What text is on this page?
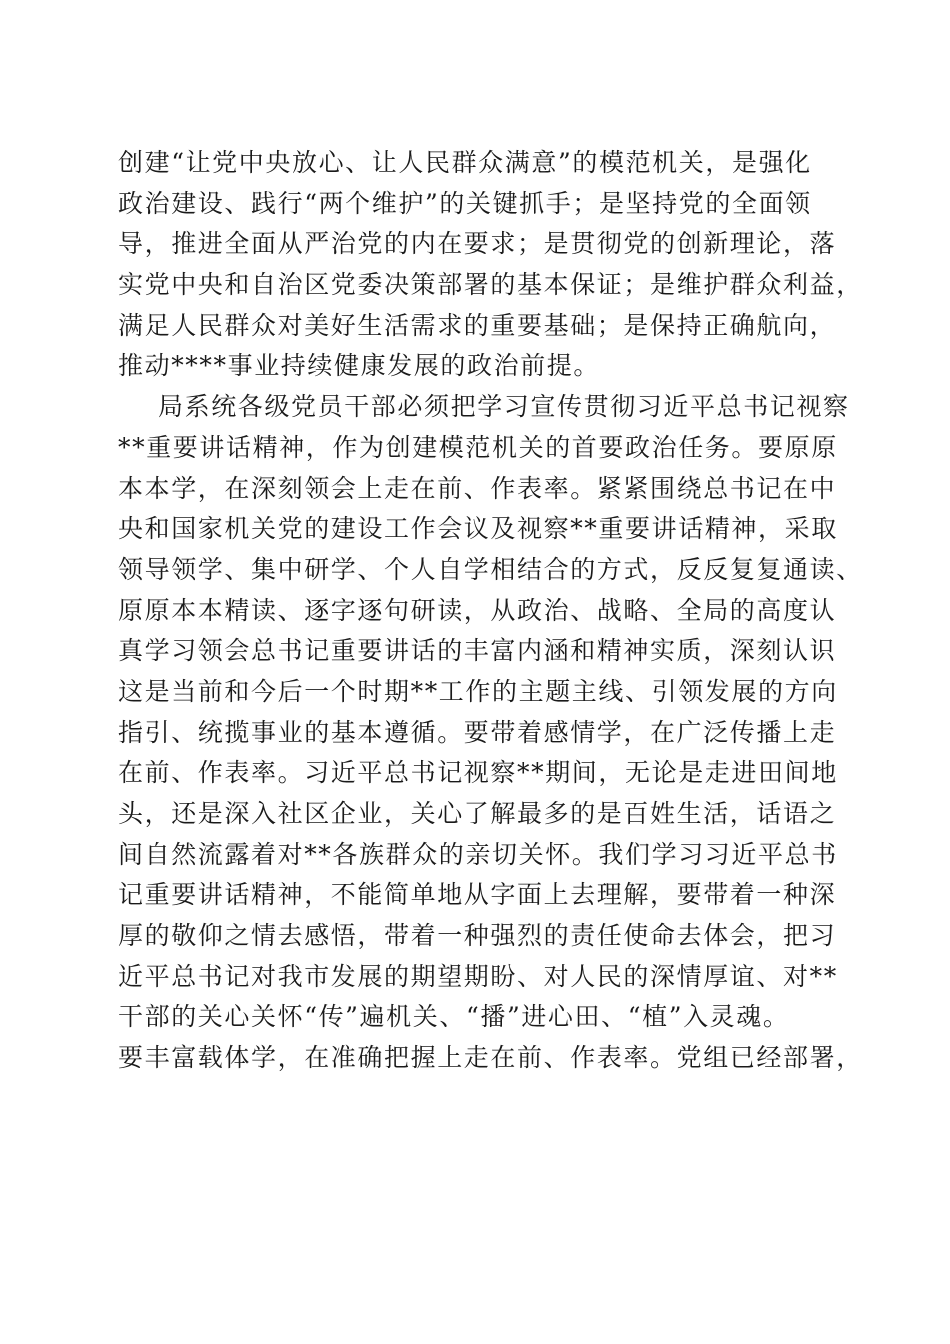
创建“让党中央放心、让人民群众满意”的模范机关，是强化
政治建设、践行“两个维护”的关键抓手；是坚持党的全面领
导，推进全面从严治党的内在要求；是贯彻党的创新理论，落
实党中央和自治区党委决策部署的基本保证；是维护群众利益，
满足人民群众对美好生活需求的重要基础；是保持正确航向，
推动****事业持续健康发展的政治前提。
局系统各级党员干部必须把学习宣传贯彻习近平总书记视察
**重要讲话精神，作为创建模范机关的首要政治任务。要原原
本本学，在深刻领会上走在前、作表率。紧紧围绕总书记在中
央和国家机关党的建设工作会议及视察**重要讲话精神，采取
领导领学、集中研学、个人自学相结合的方式，反反复复通读、
原原本本精读、逐字逐句研读，从政治、战略、全局的高度认
真学习领会总书记重要讲话的丰富内涵和精神实质，深刻认识
这是当前和今后一个时期**工作的主题主线、引领发展的方向
指引、统揽事业的基本遵循。要带着感情学，在广泛传播上走
在前、作表率。习近平总书记视察**期间，无论是走进田间地
头，还是深入社区企业，关心了解最多的是百姓生活，话语之
间自然流露着对**各族群众的亲切关怀。我们学习习近平总书
记重要讲话精神，不能简单地从字面上去理解，要带着一种深
厚的敬仰之情去感悟，带着一种强烈的责任使命去体会，把习
近平总书记对我市发展的期望期盼、对人民的深情厚谊、对**
干部的关心关怀“传”遍机关、“播”进心田、“植”入灵魂。
要丰富载体学，在准确把握上走在前、作表率。党组已经部署，
